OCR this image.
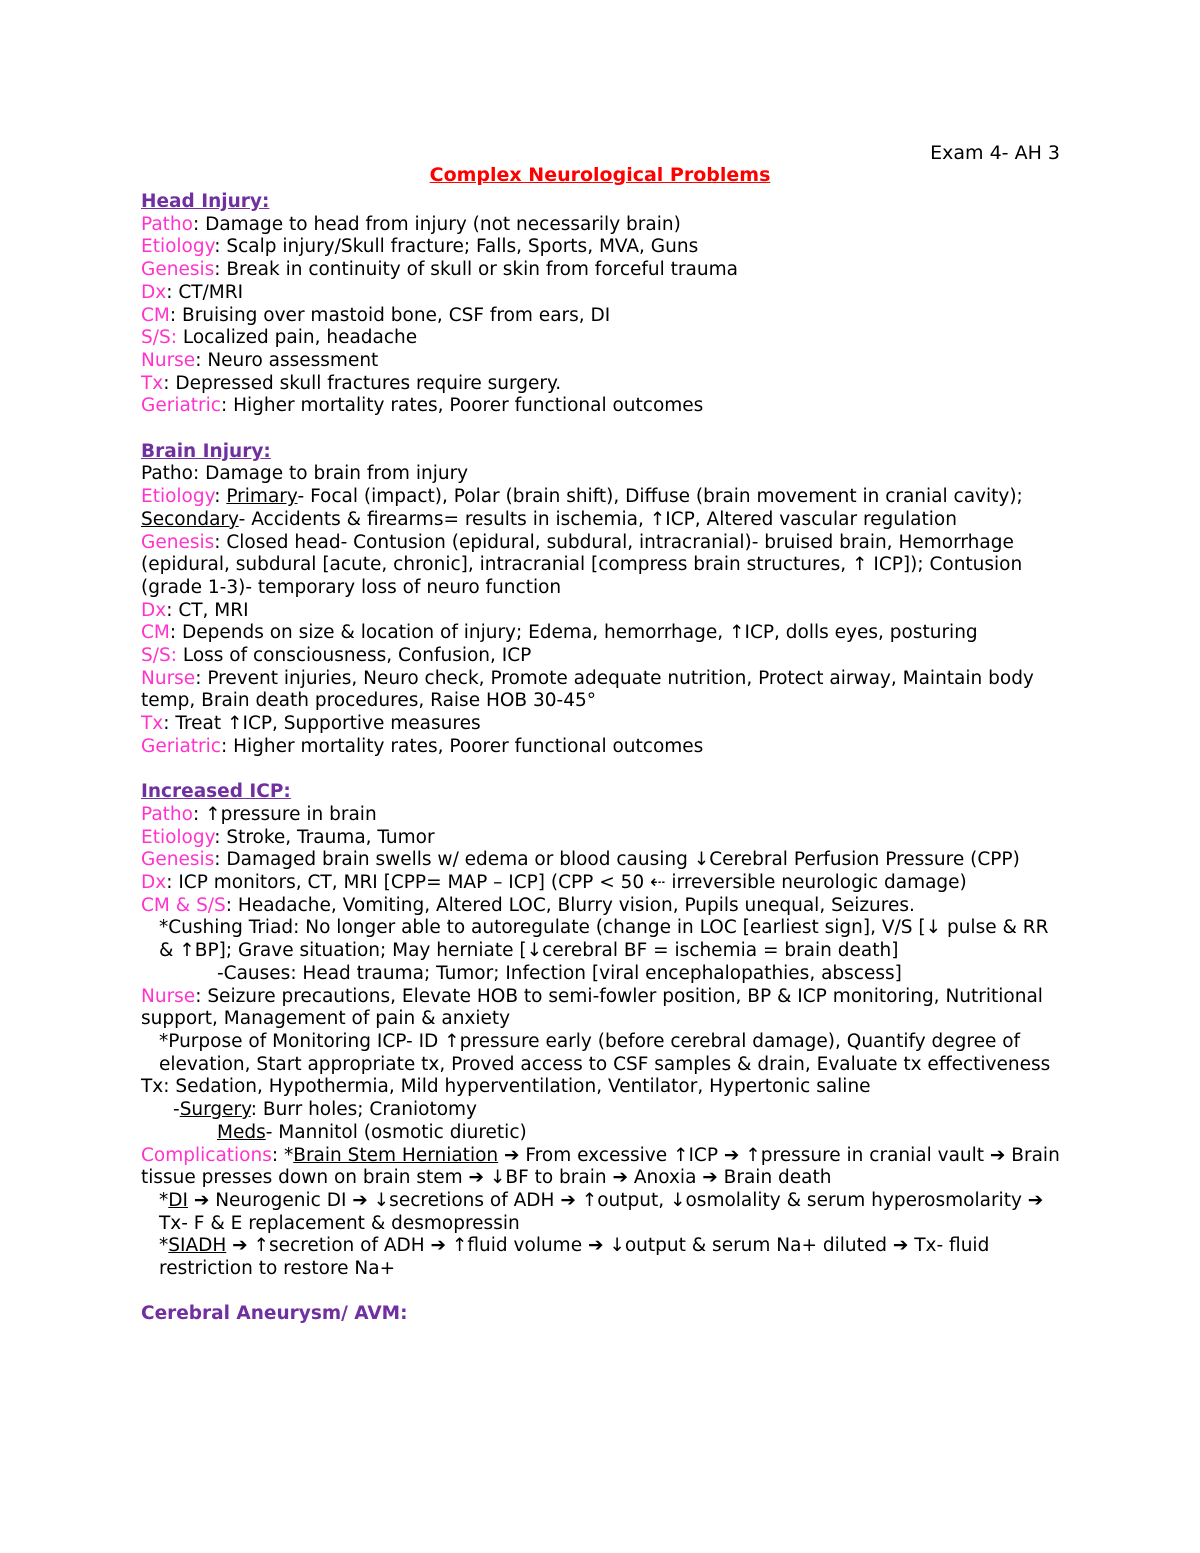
Exam 4- AH 3
Complex Neurological Problems
Head Injury:
Patho: Damage to head from injury (not necessarily brain)
Etiology: Scalp injury/Skull fracture; Falls, Sports, MVA, Guns
Genesis: Break in continuity of skull or skin from forceful trauma
Dx: CT/MRI
CM: Bruising over mastoid bone, CSF from ears, DI
S/S: Localized pain, headache
Nurse: Neuro assessment
Tx: Depressed skull fractures require surgery.
Geriatric: Higher mortality rates, Poorer functional outcomes
Brain Injury:
Patho: Damage to brain from injury
Etiology: Primary- Focal (impact), Polar (brain shift), Diffuse (brain movement in cranial cavity); Secondary- Accidents & firearms= results in ischemia, ↑ICP, Altered vascular regulation
Genesis: Closed head- Contusion (epidural, subdural, intracranial)- bruised brain, Hemorrhage (epidural, subdural [acute, chronic], intracranial [compress brain structures, ↑ ICP]); Contusion (grade 1-3)- temporary loss of neuro function
Dx: CT, MRI
CM: Depends on size & location of injury; Edema, hemorrhage, ↑ICP, dolls eyes, posturing
S/S: Loss of consciousness, Confusion, ICP
Nurse: Prevent injuries, Neuro check, Promote adequate nutrition, Protect airway, Maintain body temp, Brain death procedures, Raise HOB 30-45°
Tx: Treat ↑ICP, Supportive measures
Geriatric: Higher mortality rates, Poorer functional outcomes
Increased ICP:
Patho: ↑pressure in brain
Etiology: Stroke, Trauma, Tumor
Genesis: Damaged brain swells w/ edema or blood causing ↓Cerebral Perfusion Pressure (CPP)
Dx: ICP monitors, CT, MRI [CPP= MAP – ICP] (CPP < 50 ⇠ irreversible neurologic damage)
CM & S/S: Headache, Vomiting, Altered LOC, Blurry vision, Pupils unequal, Seizures.
*Cushing Triad: No longer able to autoregulate (change in LOC [earliest sign], V/S [↓ pulse & RR & ↑BP]; Grave situation; May herniate [↓cerebral BF = ischemia = brain death]
-Causes: Head trauma; Tumor; Infection [viral encephalopathies, abscess]
Nurse: Seizure precautions, Elevate HOB to semi-fowler position, BP & ICP monitoring, Nutritional support, Management of pain & anxiety
*Purpose of Monitoring ICP- ID ↑pressure early (before cerebral damage), Quantify degree of elevation, Start appropriate tx, Proved access to CSF samples & drain, Evaluate tx effectiveness
Tx: Sedation, Hypothermia, Mild hyperventilation, Ventilator, Hypertonic saline
-Surgery: Burr holes; Craniotomy
Meds- Mannitol (osmotic diuretic)
Complications: *Brain Stem Herniation ➔ From excessive ↑ICP ➔ ↑pressure in cranial vault ➔ Brain tissue presses down on brain stem ➔ ↓BF to brain ➔ Anoxia ➔ Brain death
*DI ➔ Neurogenic DI ➔ ↓secretions of ADH ➔ ↑output, ↓osmolality & serum hyperosmolarity ➔ Tx- F & E replacement & desmopressin
*SIADH ➔ ↑secretion of ADH ➔ ↑fluid volume ➔ ↓output & serum Na+ diluted ➔ Tx- fluid restriction to restore Na+
Cerebral Aneurysm/ AVM:
